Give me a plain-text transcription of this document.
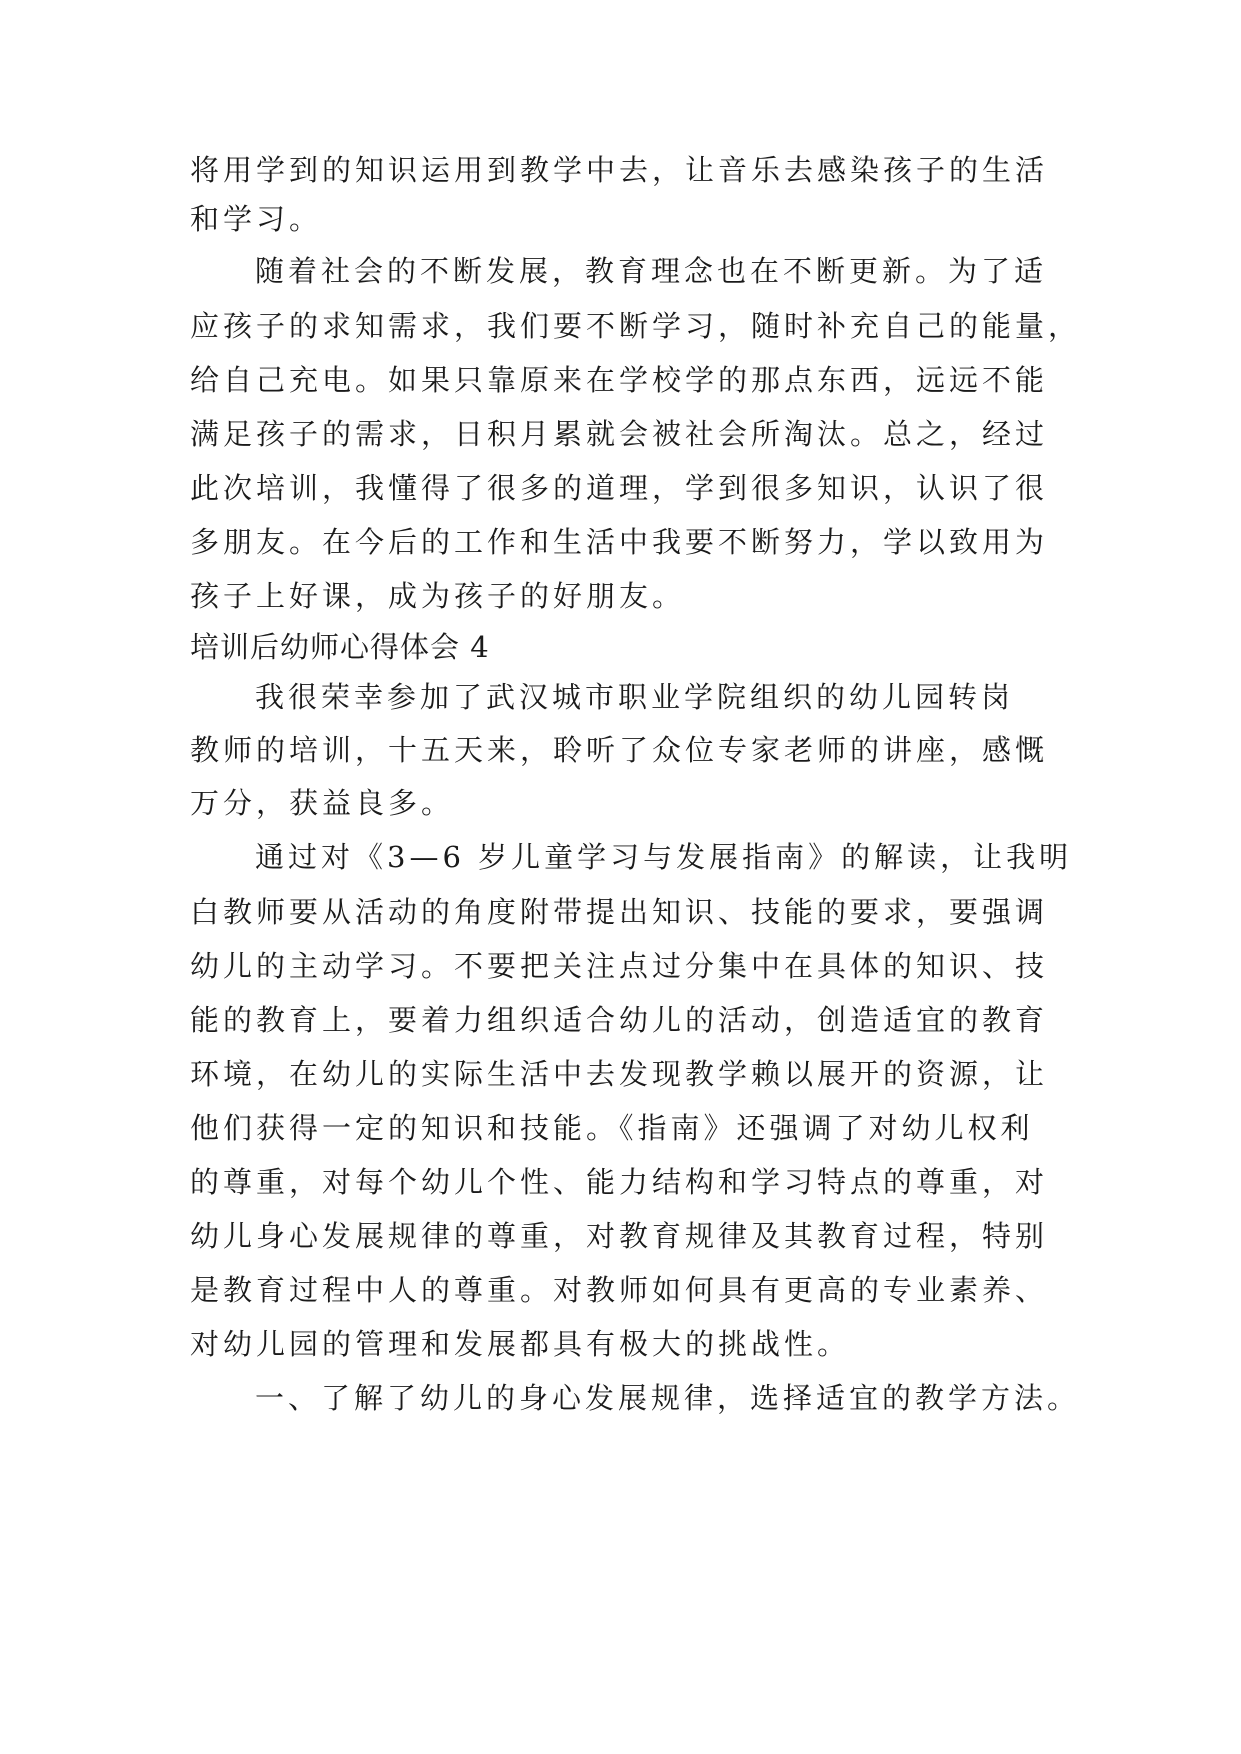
将用学到的知识运用到教学中去，让音乐去感染孩子的生活
和学习。
随着社会的不断发展，教育理念也在不断更新。为了适
应孩子的求知需求，我们要不断学习，随时补充自己的能量，
给自己充电。如果只靠原来在学校学的那点东西，远远不能
满足孩子的需求，日积月累就会被社会所淘汰。总之，经过
此次培训，我懂得了很多的道理，学到很多知识，认识了很
多朋友。在今后的工作和生活中我要不断努力，学以致用为
孩子上好课，成为孩子的好朋友。
培训后幼师心得体会 4
我很荣幸参加了武汉城市职业学院组织的幼儿园转岗
教师的培训，十五天来，聆听了众位专家老师的讲座，感慨
万分，获益良多。
通过对《3—6 岁儿童学习与发展指南》的解读，让我明
白教师要从活动的角度附带提出知识、技能的要求，要强调
幼儿的主动学习。不要把关注点过分集中在具体的知识、技
能的教育上，要着力组织适合幼儿的活动，创造适宜的教育
环境，在幼儿的实际生活中去发现教学赖以展开的资源，让
他们获得一定的知识和技能。《指南》还强调了对幼儿权利
的尊重，对每个幼儿个性、能力结构和学习特点的尊重，对
幼儿身心发展规律的尊重，对教育规律及其教育过程，特别
是教育过程中人的尊重。对教师如何具有更高的专业素养、
对幼儿园的管理和发展都具有极大的挑战性。
一、了解了幼儿的身心发展规律，选择适宜的教学方法。
